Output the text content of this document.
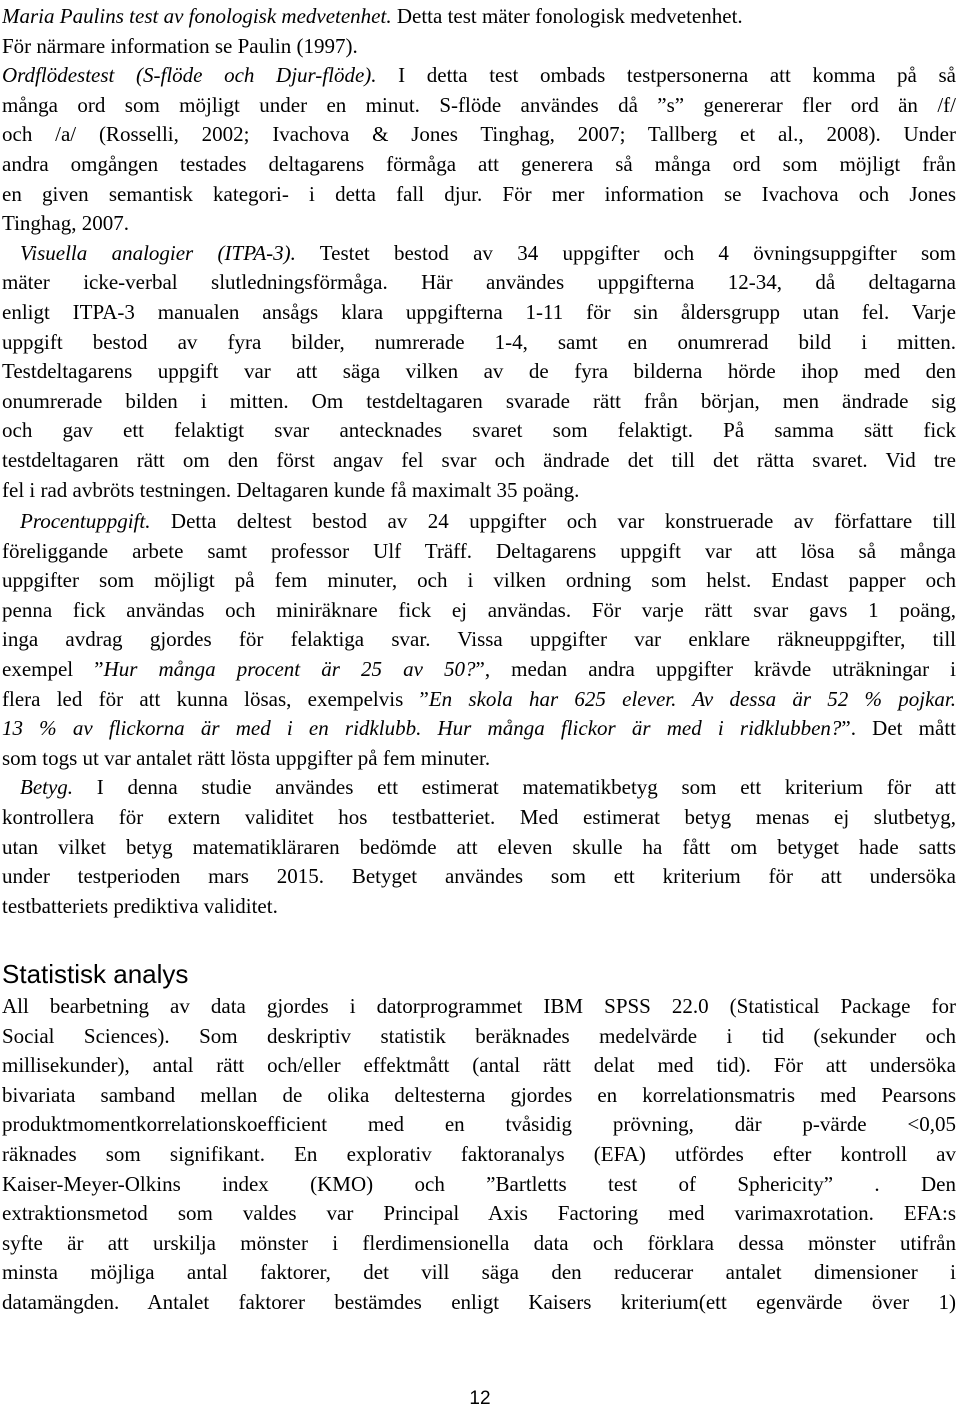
Maria Paulins test av fonologisk medvetenhet. Detta test mäter fonologisk medvetenhet.
För närmare information se Paulin (1997).
Ordflödestest (S-flöde och Djur-flöde). I detta test ombads testpersonerna att komma på så
många ord som möjligt under en minut. S-flöde användes då ”s” genererar fler ord än /f/
och /a/ (Rosselli, 2002; Ivachova & Jones Tinghag, 2007; Tallberg et al., 2008). Under
andra omgången testades deltagarens förmåga att generera så många ord som möjligt från
en given semantisk kategori- i detta fall djur. För mer information se Ivachova och Jones
Tinghag, 2007.
Visuella analogier (ITPA-3). Testet bestod av 34 uppgifter och 4 övningsuppgifter som
mäter icke-verbal slutledningsförmåga. Här användes uppgifterna 12-34, då deltagarna
enligt ITPA-3 manualen ansågs klara uppgifterna 1-11 för sin åldersgrupp utan fel. Varje
uppgift bestod av fyra bilder, numrerade 1-4, samt en onumrerad bild i mitten.
Testdeltagarens uppgift var att säga vilken av de fyra bilderna hörde ihop med den
onumrerade bilden i mitten. Om testdeltagaren svarade rätt från början, men ändrade sig
och gav ett felaktigt svar antecknades svaret som felaktigt. På samma sätt fick
testdeltagaren rätt om den först angav fel svar och ändrade det till det rätta svaret. Vid tre
fel i rad avbröts testningen. Deltagaren kunde få maximalt 35 poäng.
Procentuppgift. Detta deltest bestod av 24 uppgifter och var konstruerade av författare till
föreliggande arbete samt professor Ulf Träff. Deltagarens uppgift var att lösa så många
uppgifter som möjligt på fem minuter, och i vilken ordning som helst. Endast papper och
penna fick användas och miniräknare fick ej användas. För varje rätt svar gavs 1 poäng,
inga avdrag gjordes för felaktiga svar. Vissa uppgifter var enklare räkneuppgifter, till
exempel ”Hur många procent är 25 av 50?”, medan andra uppgifter krävde uträkningar i
flera led för att kunna lösas, exempelvis ”En skola har 625 elever. Av dessa är 52 % pojkar.
13 % av flickorna är med i en ridklubb. Hur många flickor är med i ridklubben?”. Det mått
som togs ut var antalet rätt lösta uppgifter på fem minuter.
Betyg. I denna studie användes ett estimerat matematikbetyg som ett kriterium för att
kontrollera för extern validitet hos testbatteriet. Med estimerat betyg menas ej slutbetyg,
utan vilket betyg matematikläraren bedömde att eleven skulle ha fått om betyget hade satts
under testperioden mars 2015. Betyget användes som ett kriterium för att undersöka
testbatteriets prediktiva validitet.
Statistisk analys
All bearbetning av data gjordes i datorprogrammet IBM SPSS 22.0 (Statistical Package for
Social Sciences). Som deskriptiv statistik beräknades medelvärde i tid (sekunder och
millisekunder), antal rätt och/eller effektmått (antal rätt delat med tid). För att undersöka
bivariata samband mellan de olika deltesterna gjordes en korrelationsmatris med Pearsons
produktmomentkorrelationskoefficient med en tvåsidig prövning, där p-värde <0,05
räknades som signifikant. En explorativ faktoranalys (EFA) utfördes efter kontroll av
Kaiser-Meyer-Olkins index (KMO) och ”Bartletts test of Sphericity” . Den
extraktionsmetod som valdes var Principal Axis Factoring med varimaxrotation. EFA:s
syfte är att urskilja mönster i flerdimensionella data och förklara dessa mönster utifrån
minsta möjliga antal faktorer, det vill säga den reducerar antalet dimensioner i
datamängden. Antalet faktorer bestämdes enligt Kaisers kriterium(ett egenvärde över 1)
12
